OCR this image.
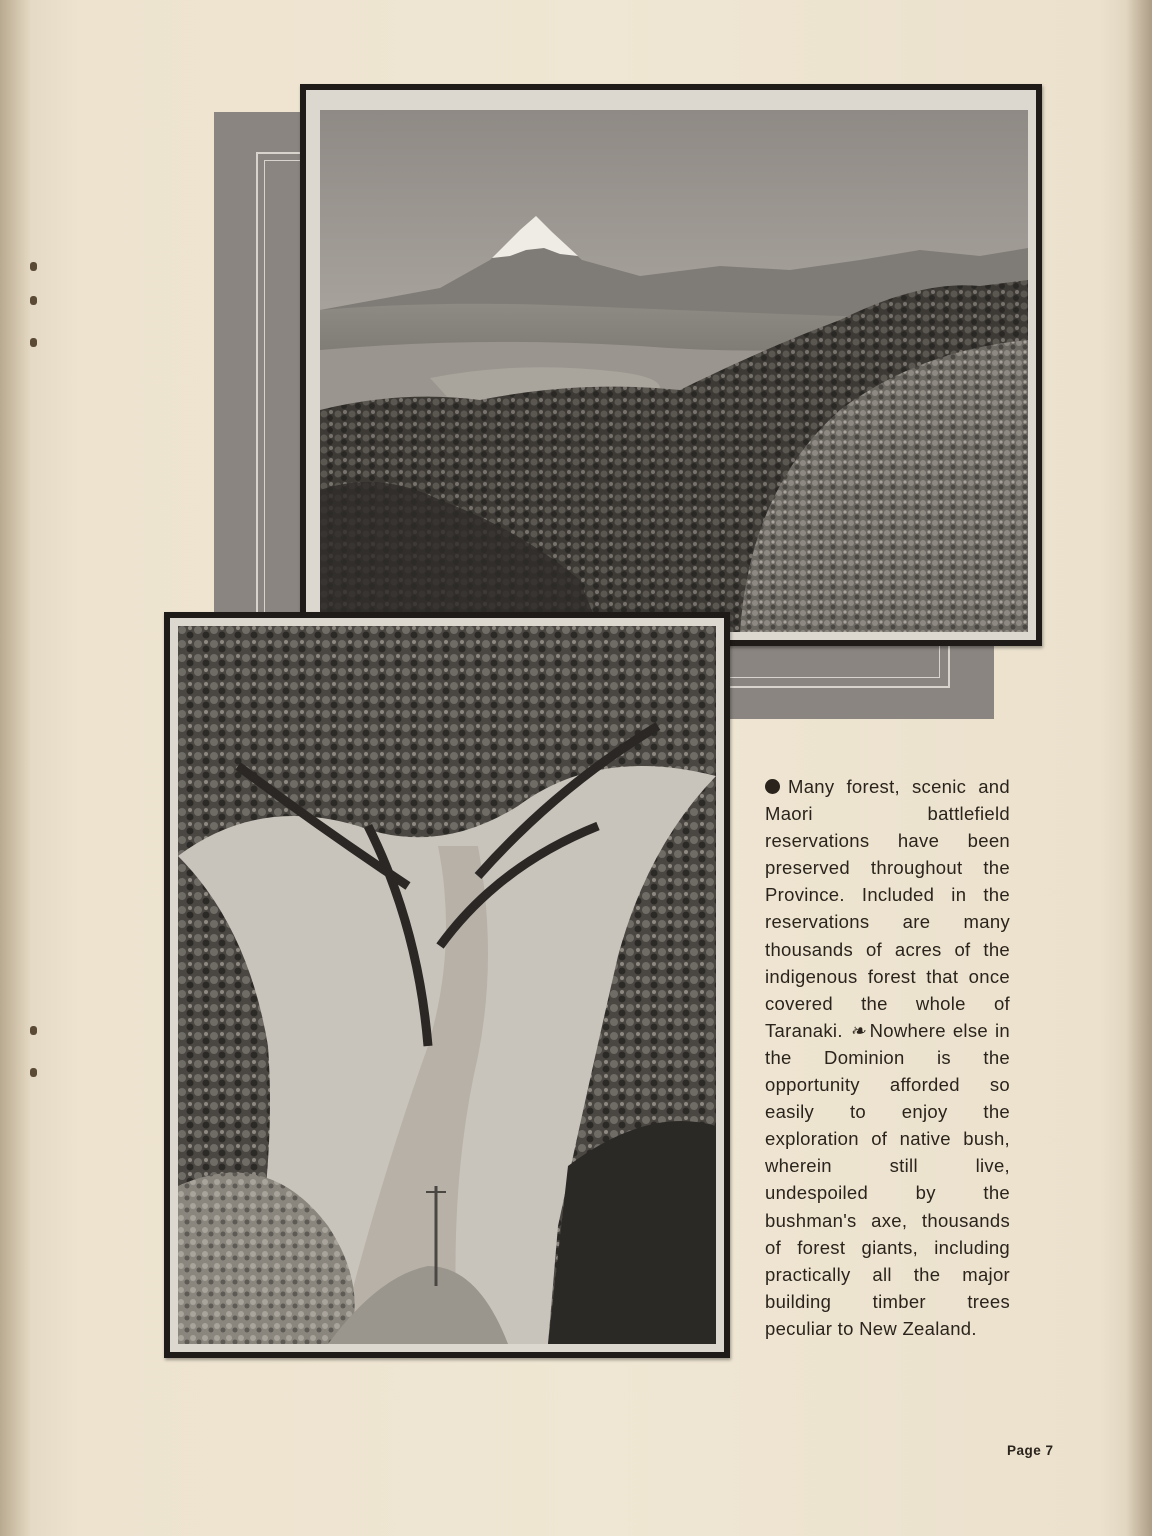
Many forest, scenic and Maori battlefield reservations have been preserved throughout the Province. Included in the reservations are many thousands of acres of the indigenous forest that once covered the whole of Taranaki. ❧ Nowhere else in the Dominion is the opportunity afforded so easily to enjoy the exploration of native bush, wherein still live, undespoiled by the bushman's axe, thousands of forest giants, including practically all the major building timber trees peculiar to New Zealand.
Page 7
